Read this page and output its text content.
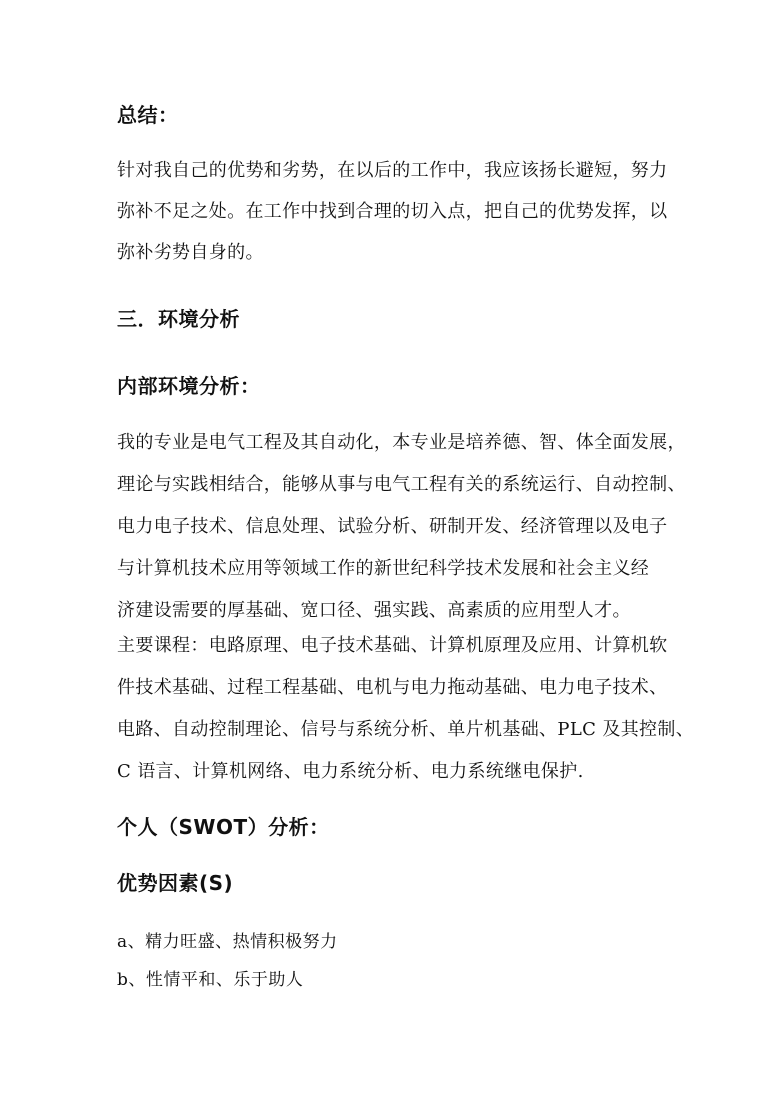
总结：
针对我自己的优势和劣势，在以后的工作中，我应该扬长避短，努力
弥补不足之处。在工作中找到合理的切入点，把自己的优势发挥，以
弥补劣势自身的。
三．环境分析
内部环境分析：
我的专业是电气工程及其自动化，本专业是培养德、智、体全面发展，
理论与实践相结合，能够从事与电气工程有关的系统运行、自动控制、
电力电子技术、信息处理、试验分析、研制开发、经济管理以及电子
与计算机技术应用等领域工作的新世纪科学技术发展和社会主义经
济建设需要的厚基础、宽口径、强实践、高素质的应用型人才。
主要课程：电路原理、电子技术基础、计算机原理及应用、计算机软
件技术基础、过程工程基础、电机与电力拖动基础、电力电子技术、
电路、自动控制理论、信号与系统分析、单片机基础、PLC 及其控制、
C 语言、计算机网络、电力系统分析、电力系统继电保护.
个人（SWOT）分析：
优势因素(S)
a、精力旺盛、热情积极努力
b、性情平和、乐于助人
